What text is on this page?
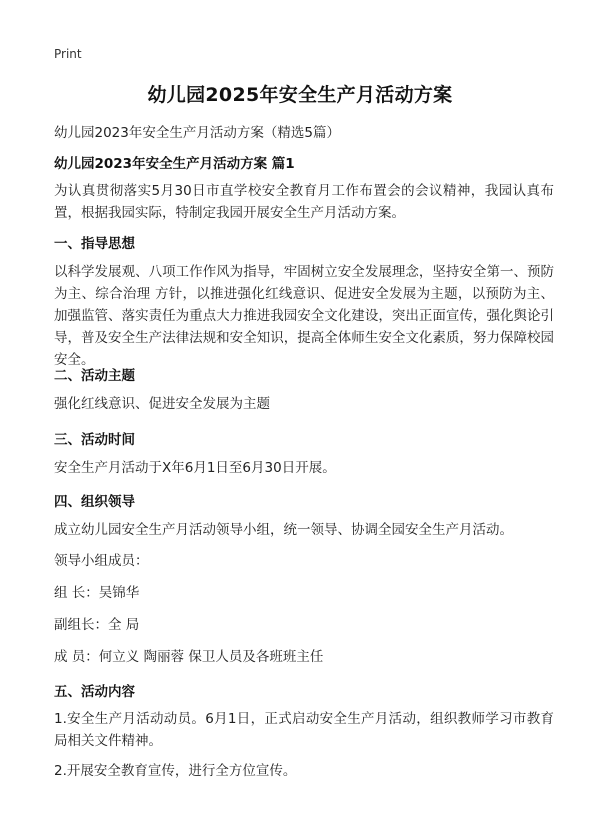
Print
幼儿园2025年安全生产月活动方案
幼儿园2023年安全生产月活动方案（精选5篇）
幼儿园2023年安全生产月活动方案 篇1
为认真贯彻落实5月30日市直学校安全教育月工作布置会的会议精神，我园认真布置，根据我园实际，特制定我园开展安全生产月活动方案。
一、指导思想
以科学发展观、八项工作作风为指导，牢固树立安全发展理念，坚持安全第一、预防为主、综合治理 方针，以推进强化红线意识、促进安全发展为主题，以预防为主、加强监管、落实责任为重点大力推进我园安全文化建设，突出正面宣传，强化舆论引导，普及安全生产法律法规和安全知识，提高全体师生安全文化素质，努力保障校园安全。
二、活动主题
强化红线意识、促进安全发展为主题
三、活动时间
安全生产月活动于X年6月1日至6月30日开展。
四、组织领导
成立幼儿园安全生产月活动领导小组，统一领导、协调全园安全生产月活动。
领导小组成员：
组 长：吴锦华
副组长：全 局
成 员：何立义 陶丽蓉 保卫人员及各班班主任
五、活动内容
1.安全生产月活动动员。6月1日，正式启动安全生产月活动，组织教师学习市教育局相关文件精神。
2.开展安全教育宣传，进行全方位宣传。
